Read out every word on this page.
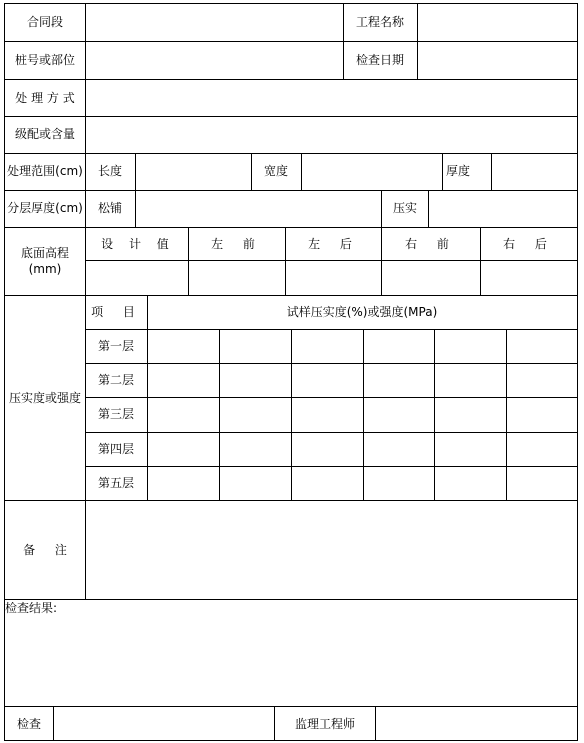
合同段	工程名称
桩号或部位	检查日期
处 理 方 式
级配或含量
处理范围(cm) 长度	宽度	厚度
分层厚度(cm) 松铺	压实
底面高程(mm)
设 计 值	左 前	左 后	右 前	右 后
压实度或强度
项 目	试样压实度(%)或强度(MPa)
第一层
第二层
第三层
第四层
第五层
备 注
检查结果:
检查	监理工程师
